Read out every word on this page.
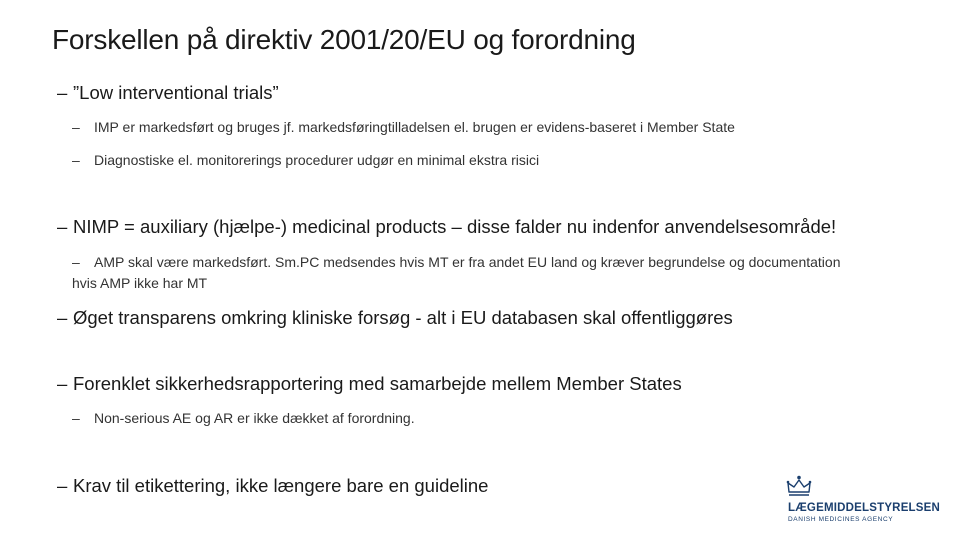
Forskellen på direktiv 2001/20/EU og forordning
– ”Low interventional trials”
– IMP er markedsført og bruges jf. markedsføringtilladelsen el. brugen er evidens-baseret i Member State
– Diagnostiske el. monitorerings procedurer udgør en minimal ekstra risici
– NIMP = auxiliary (hjælpe-) medicinal products – disse falder nu indenfor anvendelsesområde!
– AMP skal være markedsført. Sm.PC medsendes hvis MT er fra andet EU land og kræver begrundelse og documentation hvis AMP ikke har MT
– Øget transparens omkring kliniske forsøg - alt i EU databasen skal offentliggøres
– Forenklet sikkerhedsrapportering med samarbejde mellem Member States
– Non-serious AE og AR er ikke dækket af forordning.
– Krav til etikettering, ikke længere bare en guideline
LÆGEMIDDELSTYRELSEN
DANISH MEDICINES AGENCY
